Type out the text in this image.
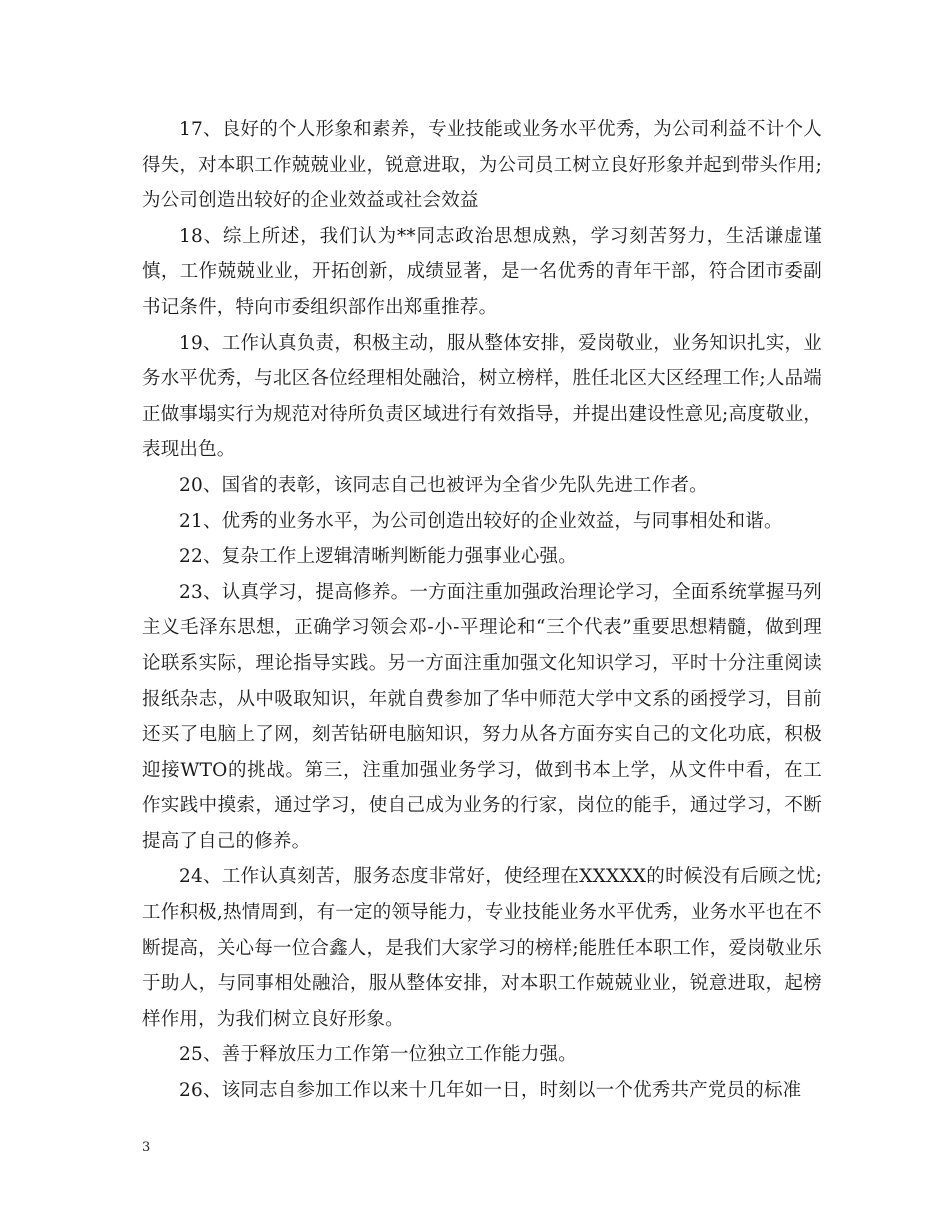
17、良好的个人形象和素养，专业技能或业务水平优秀，为公司利益不计个人得失，对本职工作兢兢业业，锐意进取，为公司员工树立良好形象并起到带头作用;为公司创造出较好的企业效益或社会效益

18、综上所述，我们认为**同志政治思想成熟，学习刻苦努力，生活谦虚谨慎，工作兢兢业业，开拓创新，成绩显著，是一名优秀的青年干部，符合团市委副书记条件，特向市委组织部作出郑重推荐。

19、工作认真负责，积极主动，服从整体安排，爱岗敬业，业务知识扎实，业务水平优秀，与北区各位经理相处融洽，树立榜样，胜任北区大区经理工作;人品端正做事塌实行为规范对待所负责区域进行有效指导，并提出建设性意见;高度敬业，表现出色。

20、国省的表彰，该同志自己也被评为全省少先队先进工作者。

21、优秀的业务水平，为公司创造出较好的企业效益，与同事相处和谐。

22、复杂工作上逻辑清晰判断能力强事业心强。

23、认真学习，提高修养。一方面注重加强政治理论学习，全面系统掌握马列主义毛泽东思想，正确学习领会邓-小-平理论和“三个代表”重要思想精髓，做到理论联系实际，理论指导实践。另一方面注重加强文化知识学习，平时十分注重阅读报纸杂志，从中吸取知识，年就自费参加了华中师范大学中文系的函授学习，目前还买了电脑上了网，刻苦钻研电脑知识，努力从各方面夯实自己的文化功底，积极迎接WTO的挑战。第三，注重加强业务学习，做到书本上学，从文件中看，在工作实践中摸索，通过学习，使自己成为业务的行家，岗位的能手，通过学习，不断提高了自己的修养。

24、工作认真刻苦，服务态度非常好，使经理在XXXXX的时候没有后顾之忧;工作积极,热情周到，有一定的领导能力，专业技能业务水平优秀，业务水平也在不断提高，关心每一位合鑫人，是我们大家学习的榜样;能胜任本职工作，爱岗敬业乐于助人，与同事相处融洽，服从整体安排，对本职工作兢兢业业，锐意进取，起榜样作用，为我们树立良好形象。

25、善于释放压力工作第一位独立工作能力强。

26、该同志自参加工作以来十几年如一日，时刻以一个优秀共产党员的标准

3
